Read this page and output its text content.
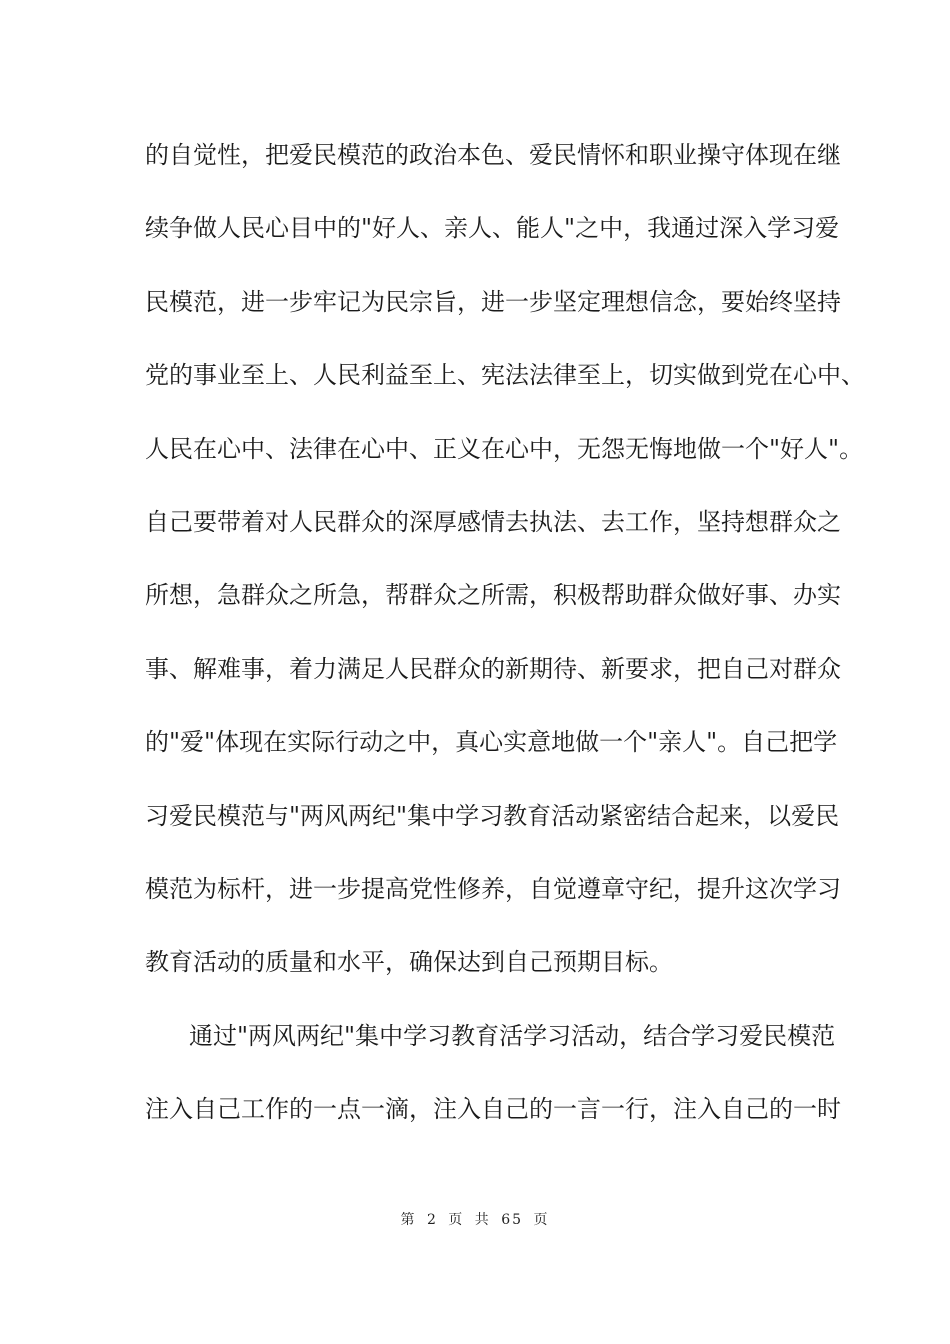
的自觉性，把爱民模范的政治本色、爱民情怀和职业操守体现在继
续争做人民心目中的"好人、亲人、能人"之中，我通过深入学习爱
民模范，进一步牢记为民宗旨，进一步坚定理想信念，要始终坚持
党的事业至上、人民利益至上、宪法法律至上，切实做到党在心中、
人民在心中、法律在心中、正义在心中，无怨无悔地做一个"好人"。
自己要带着对人民群众的深厚感情去执法、去工作，坚持想群众之
所想，急群众之所急，帮群众之所需，积极帮助群众做好事、办实
事、解难事，着力满足人民群众的新期待、新要求，把自己对群众
的"爱"体现在实际行动之中，真心实意地做一个"亲人"。自己把学
习爱民模范与"两风两纪"集中学习教育活动紧密结合起来，以爱民
模范为标杆，进一步提高党性修养，自觉遵章守纪，提升这次学习
教育活动的质量和水平，确保达到自己预期目标。
通过"两风两纪"集中学习教育活学习活动，结合学习爱民模范
注入自己工作的一点一滴，注入自己的一言一行，注入自己的一时
第 2 页 共 65 页
